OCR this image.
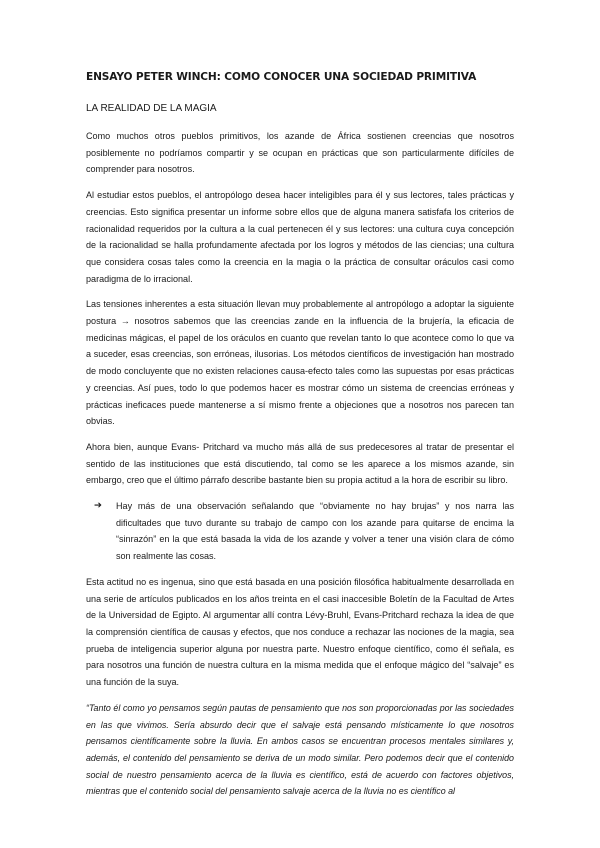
ENSAYO PETER WINCH: COMO CONOCER UNA SOCIEDAD PRIMITIVA
LA REALIDAD DE LA MAGIA

Como muchos otros pueblos primitivos, los azande de África sostienen creencias que nosotros posiblemente no podríamos compartir y se ocupan en prácticas que son particularmente difíciles de comprender para nosotros.

Al estudiar estos pueblos, el antropólogo desea hacer inteligibles para él y sus lectores, tales prácticas y creencias. Esto significa presentar un informe sobre ellos que de alguna manera satisfafa los criterios de racionalidad requeridos por la cultura a la cual pertenecen él y sus lectores: una cultura cuya concepción de la racionalidad se halla profundamente afectada por los logros y métodos de las ciencias; una cultura que considera cosas tales como la creencia en la magia o la práctica de consultar oráculos casi como paradigma de lo irracional.

Las tensiones inherentes a esta situación llevan muy probablemente al antropólogo a adoptar la siguiente postura → nosotros sabemos que las creencias zande en la influencia de la brujería, la eficacia de medicinas mágicas, el papel de los oráculos en cuanto que revelan tanto lo que acontece como lo que va a suceder, esas creencias, son erróneas, ilusorias. Los métodos científicos de investigación han mostrado de modo concluyente que no existen relaciones causa-efecto tales como las supuestas por esas prácticas y creencias. Así pues, todo lo que podemos hacer es mostrar cómo un sistema de creencias erróneas y prácticas ineficaces puede mantenerse a sí mismo frente a objeciones que a nosotros nos parecen tan obvias.

Ahora bien, aunque Evans- Pritchard va mucho más allá de sus predecesores al tratar de presentar el sentido de las instituciones que está discutiendo, tal como se les aparece a los mismos azande, sin embargo, creo que el último párrafo describe bastante bien su propia actitud a la hora de escribir su libro.

➔	Hay más de una observación señalando que “obviamente no hay brujas” y nos narra las dificultades que tuvo durante su trabajo de campo con los azande para quitarse de encima la “sinrazón” en la que está basada la vida de los azande y volver a tener una visión clara de cómo son realmente las cosas.

Esta actitud no es ingenua, sino que está basada en una posición filosófica habitualmente desarrollada en una serie de artículos publicados en los años treinta en el casi inaccesible Boletín de la Facultad de Artes de la Universidad de Egipto. Al argumentar allí contra Lévy-Bruhl, Evans-Pritchard rechaza la idea de que la comprensión científica de causas y efectos, que nos conduce a rechazar las nociones de la magia, sea prueba de inteligencia superior alguna por nuestra parte. Nuestro enfoque científico, como él señala, es para nosotros una función de nuestra cultura en la misma medida que el enfoque mágico del “salvaje” es una función de la suya.

“Tanto él como yo pensamos según pautas de pensamiento que nos son proporcionadas por las sociedades en las que vivimos. Sería absurdo decir que el salvaje está pensando místicamente lo que nosotros pensamos científicamente sobre la lluvia. En ambos casos se encuentran procesos mentales similares y, además, el contenido del pensamiento se deriva de un modo similar. Pero podemos decir que el contenido social de nuestro pensamiento acerca de la lluvia es científico, está de acuerdo con factores objetivos, mientras que el contenido social del pensamiento salvaje acerca de la lluvia no es científico al
